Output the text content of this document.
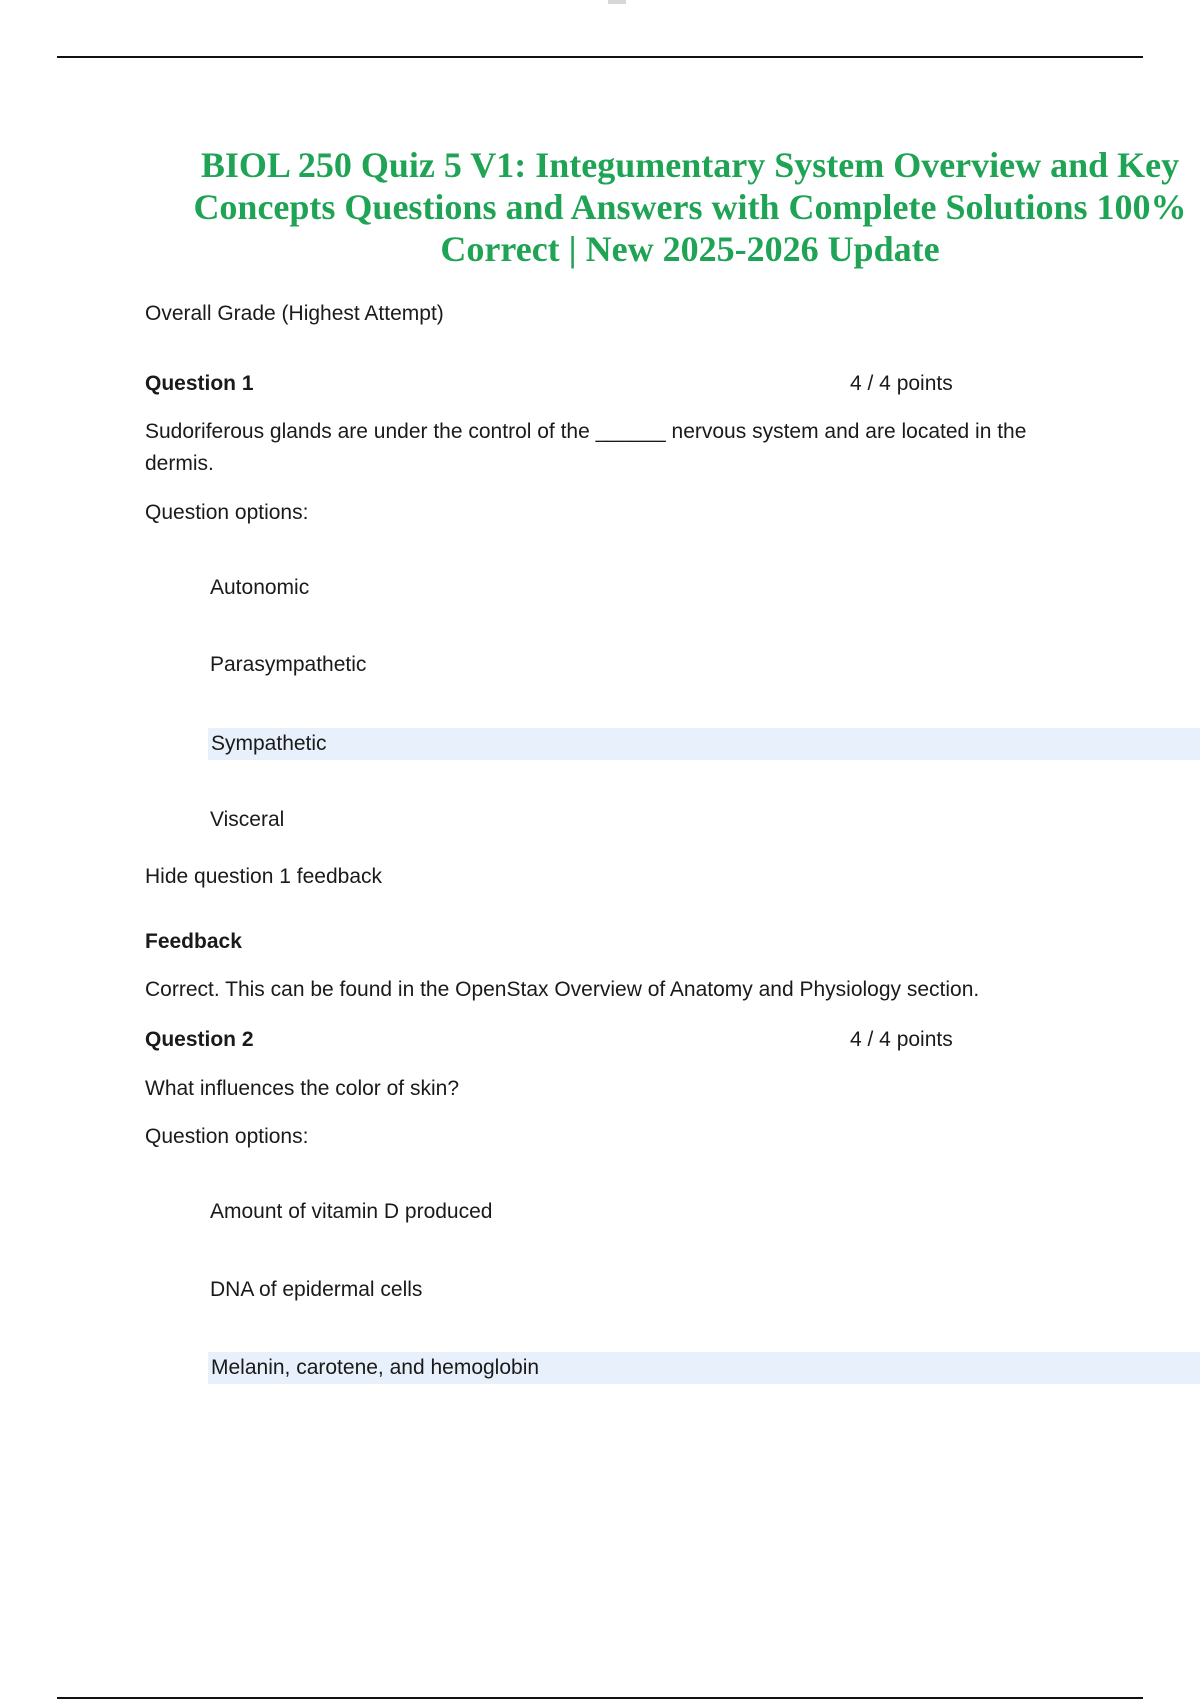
BIOL 250 Quiz 5 V1: Integumentary System Overview and Key Concepts Questions and Answers with Complete Solutions 100% Correct | New 2025-2026 Update
Overall Grade (Highest Attempt)
Question 1	4 / 4 points
Sudoriferous glands are under the control of the ______ nervous system and are located in the dermis.
Question options:
Autonomic
Parasympathetic
Sympathetic
Visceral
Hide question 1 feedback
Feedback
Correct. This can be found in the OpenStax Overview of Anatomy and Physiology section.
Question 2	4 / 4 points
What influences the color of skin?
Question options:
Amount of vitamin D produced
DNA of epidermal cells
Melanin, carotene, and hemoglobin
